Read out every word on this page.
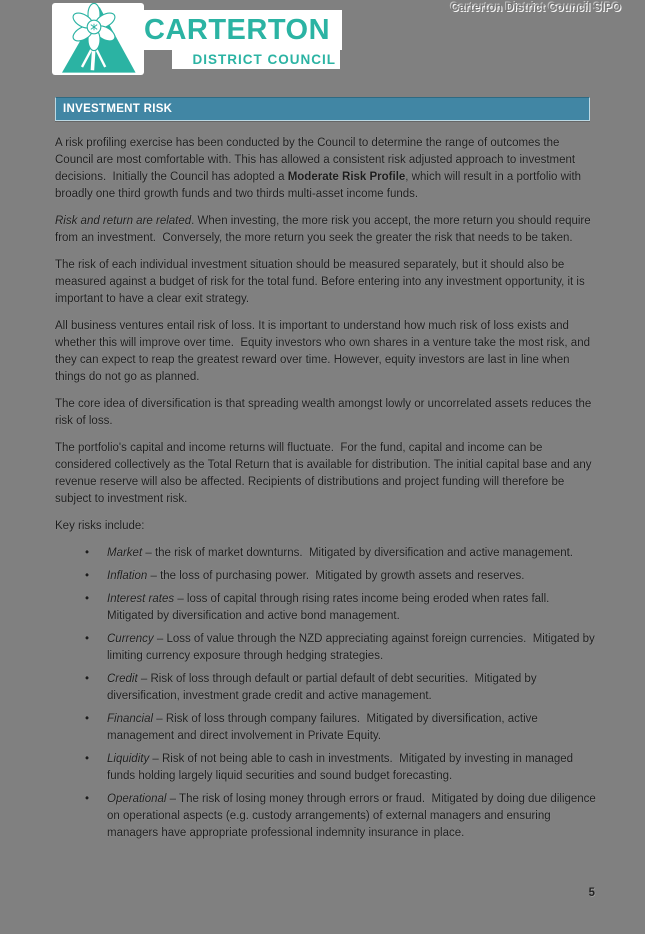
Carterton District Council SIPO
CARTERTON
DISTRICT COUNCIL
INVESTMENT RISK

A risk profiling exercise has been conducted by the Council to determine the range of outcomes the Council are most comfortable with. This has allowed a consistent risk adjusted approach to investment decisions.  Initially the Council has adopted a Moderate Risk Profile, which will result in a portfolio with broadly one third growth funds and two thirds multi-asset income funds.

Risk and return are related. When investing, the more risk you accept, the more return you should require from an investment.  Conversely, the more return you seek the greater the risk that needs to be taken.

The risk of each individual investment situation should be measured separately, but it should also be measured against a budget of risk for the total fund. Before entering into any investment opportunity, it is important to have a clear exit strategy.

All business ventures entail risk of loss. It is important to understand how much risk of loss exists and whether this will improve over time.  Equity investors who own shares in a venture take the most risk, and they can expect to reap the greatest reward over time. However, equity investors are last in line when things do not go as planned.

The core idea of diversification is that spreading wealth amongst lowly or uncorrelated assets reduces the risk of loss.

The portfolio's capital and income returns will fluctuate.  For the fund, capital and income can be considered collectively as the Total Return that is available for distribution. The initial capital base and any revenue reserve will also be affected. Recipients of distributions and project funding will therefore be subject to investment risk.

Key risks include:

• Market – the risk of market downturns.  Mitigated by diversification and active management.
• Inflation – the loss of purchasing power.  Mitigated by growth assets and reserves.
• Interest rates – loss of capital through rising rates income being eroded when rates fall. Mitigated by diversification and active bond management.
• Currency – Loss of value through the NZD appreciating against foreign currencies.  Mitigated by limiting currency exposure through hedging strategies.
• Credit – Risk of loss through default or partial default of debt securities.  Mitigated by diversification, investment grade credit and active management.
• Financial – Risk of loss through company failures.  Mitigated by diversification, active management and direct involvement in Private Equity.
• Liquidity – Risk of not being able to cash in investments.  Mitigated by investing in managed funds holding largely liquid securities and sound budget forecasting.
• Operational – The risk of losing money through errors or fraud.  Mitigated by doing due diligence on operational aspects (e.g. custody arrangements) of external managers and ensuring managers have appropriate professional indemnity insurance in place.
5
